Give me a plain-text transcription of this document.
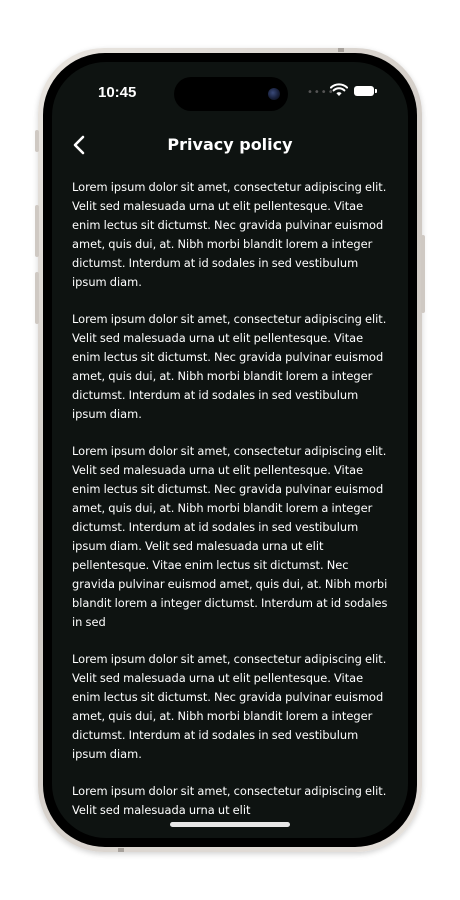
10:45	••••
Privacy policy

Lorem ipsum dolor sit amet, consectetur adipiscing elit. Velit sed malesuada urna ut elit pellentesque. Vitae enim lectus sit dictumst. Nec gravida pulvinar euismod amet, quis dui, at. Nibh morbi blandit lorem a integer dictumst. Interdum at id sodales in sed vestibulum ipsum diam.

Lorem ipsum dolor sit amet, consectetur adipiscing elit. Velit sed malesuada urna ut elit pellentesque. Vitae enim lectus sit dictumst. Nec gravida pulvinar euismod amet, quis dui, at. Nibh morbi blandit lorem a integer dictumst. Interdum at id sodales in sed vestibulum ipsum diam.

Lorem ipsum dolor sit amet, consectetur adipiscing elit. Velit sed malesuada urna ut elit pellentesque. Vitae enim lectus sit dictumst. Nec gravida pulvinar euismod amet, quis dui, at. Nibh morbi blandit lorem a integer dictumst. Interdum at id sodales in sed vestibulum ipsum diam. Velit sed malesuada urna ut elit pellentesque. Vitae enim lectus sit dictumst. Nec gravida pulvinar euismod amet, quis dui, at. Nibh morbi blandit lorem a integer dictumst. Interdum at id sodales in sed

Lorem ipsum dolor sit amet, consectetur adipiscing elit. Velit sed malesuada urna ut elit pellentesque. Vitae enim lectus sit dictumst. Nec gravida pulvinar euismod amet, quis dui, at. Nibh morbi blandit lorem a integer dictumst. Interdum at id sodales in sed vestibulum ipsum diam.

Lorem ipsum dolor sit amet, consectetur adipiscing elit. Velit sed malesuada urna ut elit
